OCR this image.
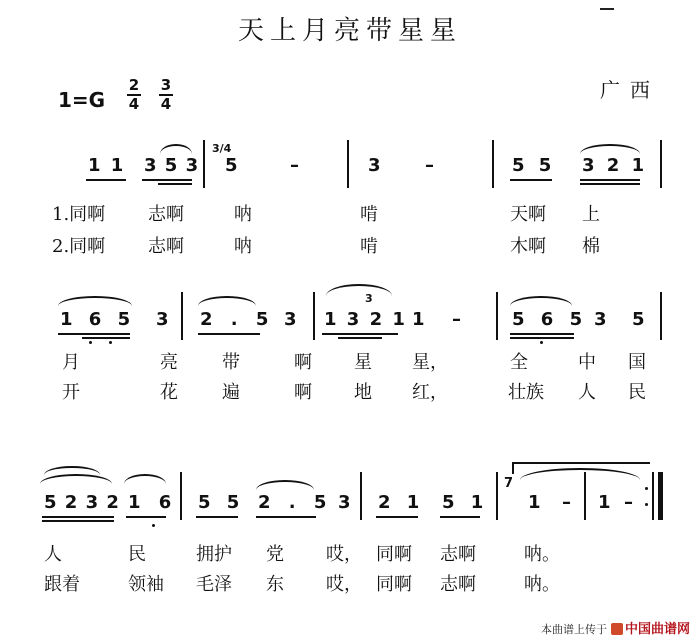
天上月亮带星星
1=G
2
4
3
4
广西
1 1 3 5 3
3/4
5	–	3 –	5 5 3 2 1
1.同啊 志啊	呐	啃	天啊 上
2.同啊 志啊	呐	啃	木啊 棉
1 6 5 3 2 . 5 3
3
1 3 2 1 1 –	5 6 5 3 5
月	亮 带	啊 星 星，	全	中 国
开	花 遍	啊 地 红，	壮族 人 民
5 2 3 2 1 6 5 5 2 . 5 3 2 1 5 1
7
1 – 1 –
人	民	拥护 党 哎， 同啊 志啊	呐。
跟着	领袖 毛泽 东 哎， 同啊 志啊	呐。
本曲谱上传于 中国曲谱网
